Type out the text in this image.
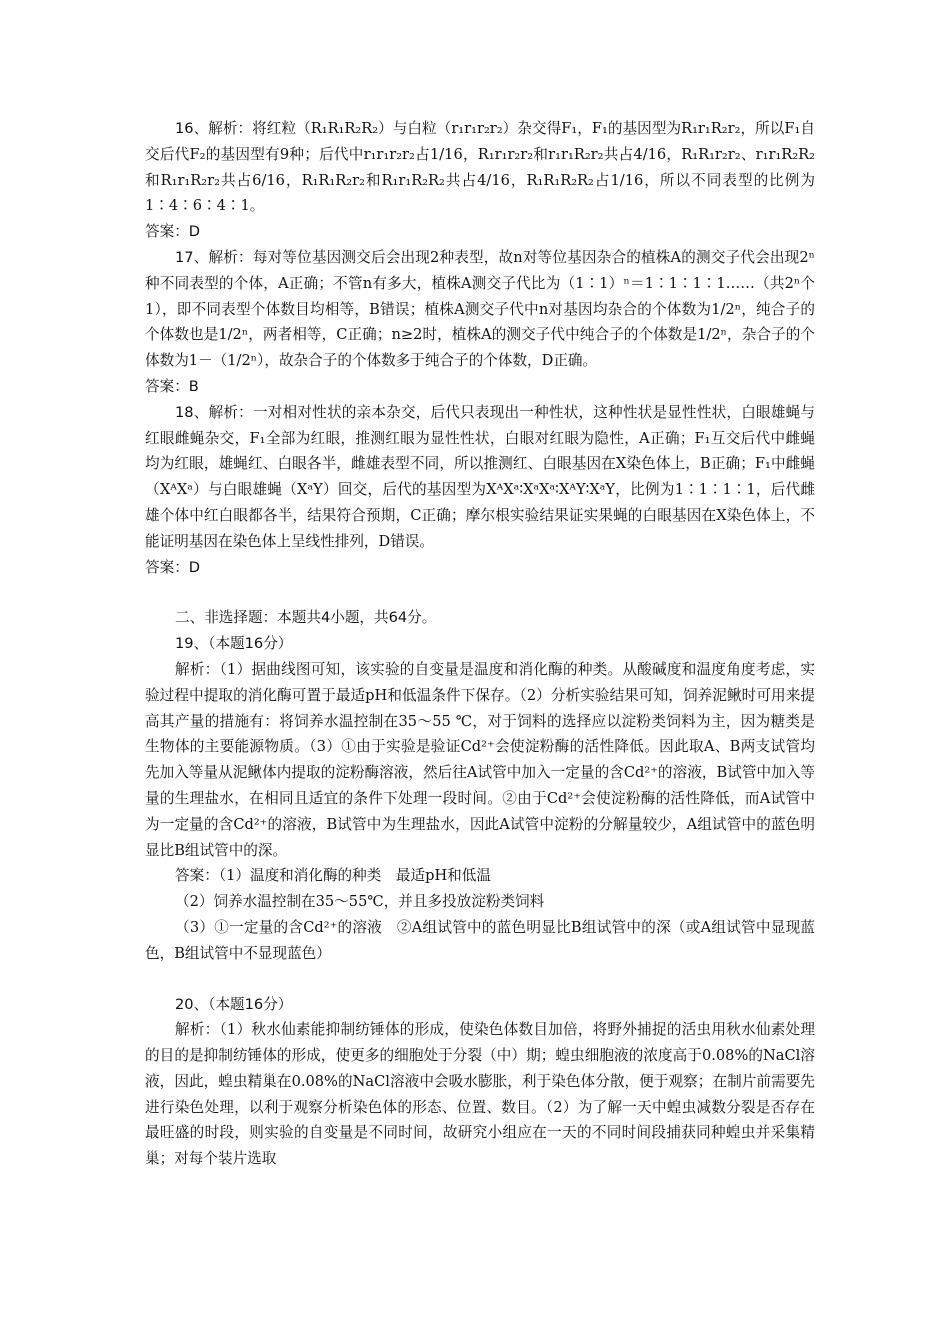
16、解析：将红粒（R₁R₁R₂R₂）与白粒（r₁r₁r₂r₂）杂交得F₁，F₁的基因型为R₁r₁R₂r₂，所以F₁自交后代F₂的基因型有9种；后代中r₁r₁r₂r₂占1/16，R₁r₁r₂r₂和r₁r₁R₂r₂共占4/16，R₁R₁r₂r₂、r₁r₁R₂R₂和R₁r₁R₂r₂共占6/16，R₁R₁R₂r₂和R₁r₁R₂R₂共占4/16，R₁R₁R₂R₂占1/16，所以不同表型的比例为1∶4∶6∶4∶1。

答案：D

17、解析：每对等位基因测交后会出现2种表型，故n对等位基因杂合的植株A的测交子代会出现2ⁿ种不同表型的个体，A正确；不管n有多大，植株A测交子代比为（1∶1）ⁿ＝1∶1∶1∶1……（共2ⁿ个1），即不同表型个体数目均相等，B错误；植株A测交子代中n对基因均杂合的个体数为1/2ⁿ，纯合子的个体数也是1/2ⁿ，两者相等，C正确；n≥2时，植株A的测交子代中纯合子的个体数是1/2ⁿ，杂合子的个体数为1－（1/2ⁿ），故杂合子的个体数多于纯合子的个体数，D正确。

答案：B

18、解析：一对相对性状的亲本杂交，后代只表现出一种性状，这种性状是显性性状，白眼雄蝇与红眼雌蝇杂交，F₁全部为红眼，推测红眼为显性性状，白眼对红眼为隐性，A正确；F₁互交后代中雌蝇均为红眼，雄蝇红、白眼各半，雌雄表型不同，所以推测红、白眼基因在X染色体上，B正确；F₁中雌蝇（XᴬXᵃ）与白眼雄蝇（XᵃY）回交，后代的基因型为XᴬXᵃ∶XᵃXᵃ∶XᴬY∶XᵃY，比例为1∶1∶1∶1，后代雌雄个体中红白眼都各半，结果符合预期，C正确；摩尔根实验结果证实果蝇的白眼基因在X染色体上，不能证明基因在染色体上呈线性排列，D错误。

答案：D

二、非选择题：本题共4小题，共64分。

19、（本题16分）

解析：（1）据曲线图可知，该实验的自变量是温度和消化酶的种类。从酸碱度和温度角度考虑，实验过程中提取的消化酶可置于最适pH和低温条件下保存。（2）分析实验结果可知，饲养泥鳅时可用来提高其产量的措施有：将饲养水温控制在35～55 ℃，对于饲料的选择应以淀粉类饲料为主，因为糖类是生物体的主要能源物质。（3）①由于实验是验证Cd²⁺会使淀粉酶的活性降低。因此取A、B两支试管均先加入等量从泥鳅体内提取的淀粉酶溶液，然后往A试管中加入一定量的含Cd²⁺的溶液，B试管中加入等量的生理盐水，在相同且适宜的条件下处理一段时间。②由于Cd²⁺会使淀粉酶的活性降低，而A试管中为一定量的含Cd²⁺的溶液，B试管中为生理盐水，因此A试管中淀粉的分解量较少，A组试管中的蓝色明显比B组试管中的深。

答案：（1）温度和消化酶的种类　最适pH和低温

（2）饲养水温控制在35～55℃，并且多投放淀粉类饲料

（3）①一定量的含Cd²⁺的溶液　②A组试管中的蓝色明显比B组试管中的深（或A组试管中显现蓝色，B组试管中不显现蓝色）

20、（本题16分）

解析：（1）秋水仙素能抑制纺锤体的形成，使染色体数目加倍，将野外捕捉的活虫用秋水仙素处理的目的是抑制纺锤体的形成，使更多的细胞处于分裂（中）期；蝗虫细胞液的浓度高于0.08%的NaCl溶液，因此，蝗虫精巢在0.08%的NaCl溶液中会吸水膨胀，利于染色体分散，便于观察；在制片前需要先进行染色处理，以利于观察分析染色体的形态、位置、数目。（2）为了解一天中蝗虫减数分裂是否存在最旺盛的时段，则实验的自变量是不同时间，故研究小组应在一天的不同时间段捕获同种蝗虫并采集精巢；对每个装片选取
